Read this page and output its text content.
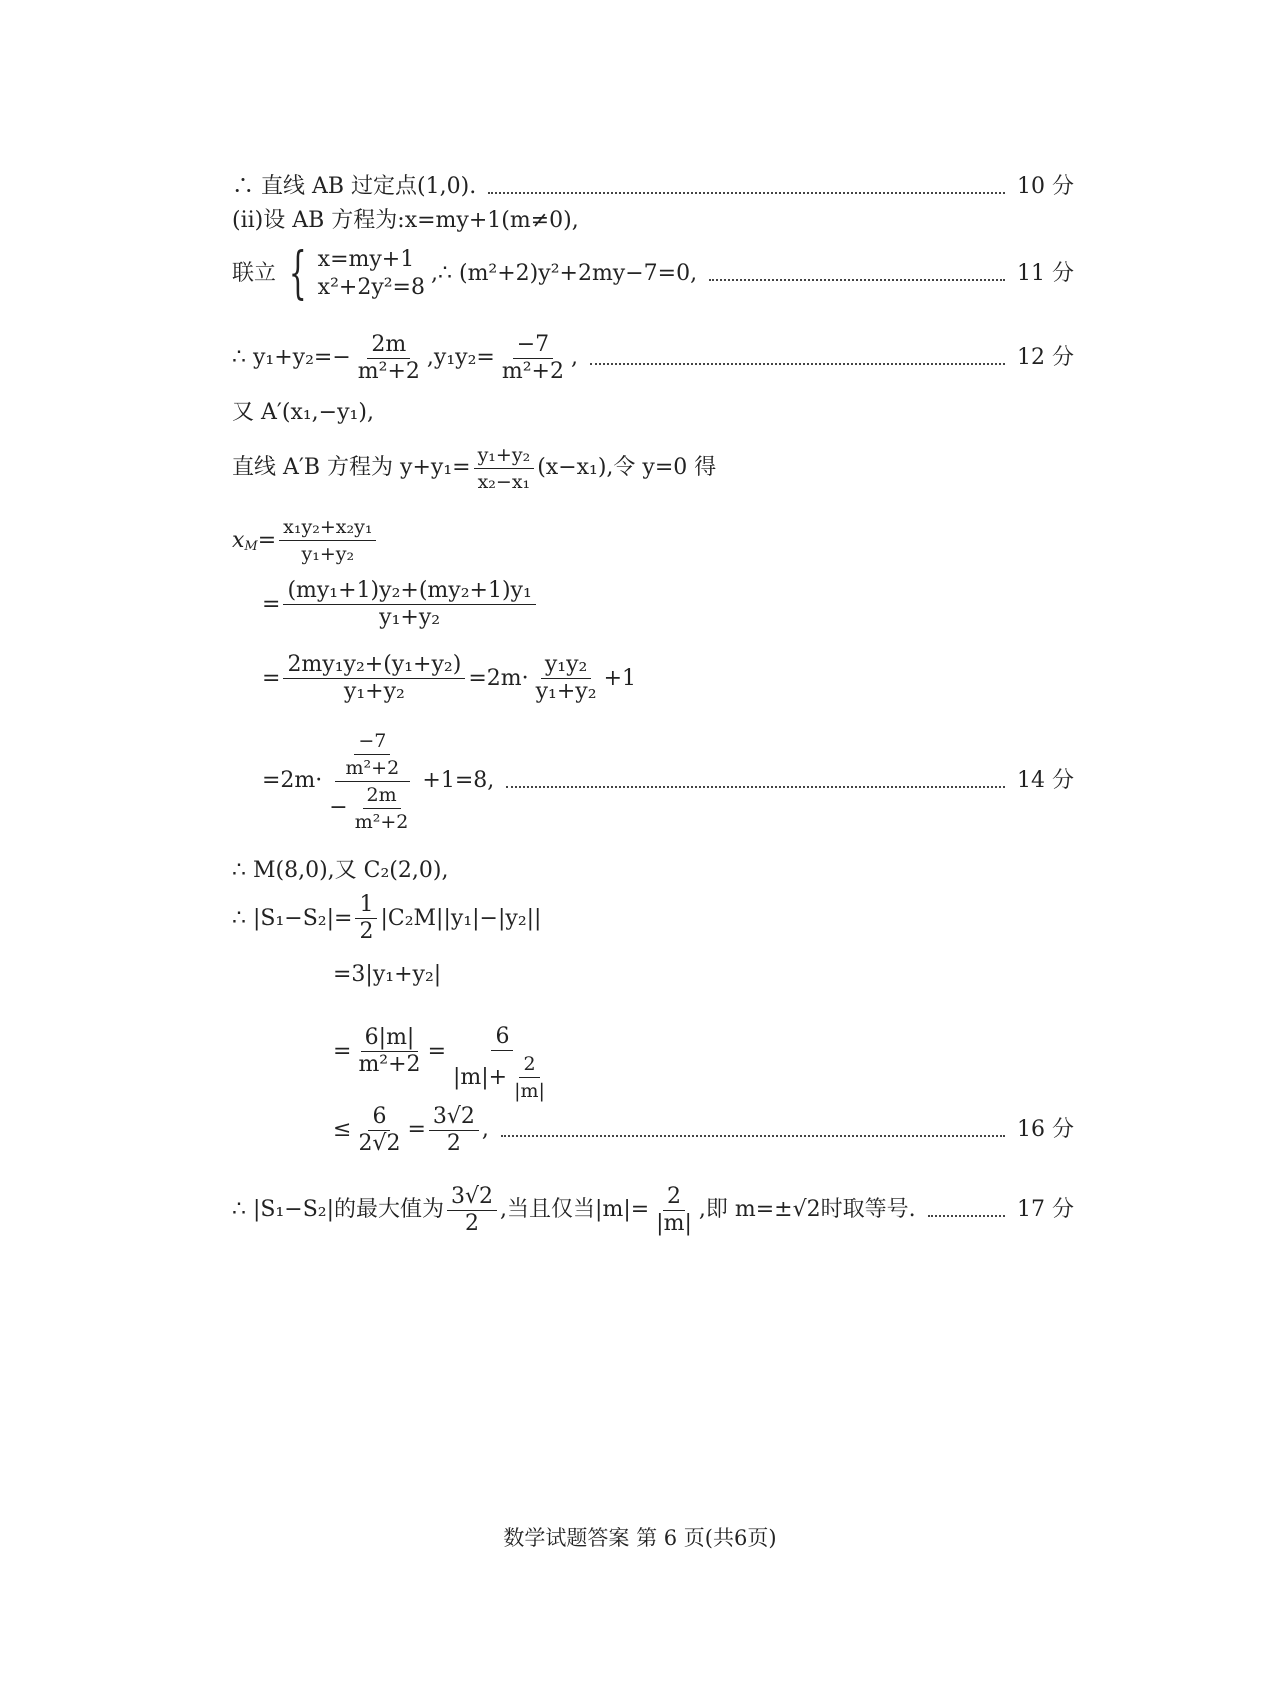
∴ 直线 AB 过定点(1,0).	10 分
(ⅱ)设 AB 方程为:x=my+1(m≠0),
联立 { x=my+1
x²+2y²=8
,∴ (m²+2)y²+2my−7=0,	11 分
∴ $y_1+y_2=- \frac{2m}{\text{m²+2}} ,y_1y_2= \frac{-7}{\text{m²+2}}$ ,	12 分
又 A′(x₁,−y₁),
直线 A′B 方程为 $y+y_1= \frac{\text{y₁+y₂}}{\text{x₂−x₁}} (x-x_1)$,令 y=0 得
$x_M = \frac{\text{x₁y₂+x₂y₁}}{\text{y₁+y₂}}$
= $\frac{\text{(my₁+1)y₂+(my₂+1)y₁}}{\text{y₁+y₂}}$
= $\frac{\text{2my₁y₂+(y₁+y₂)}}{\text{y₁+y₂}} =2m\cdot \frac{\text{y₁y₂}}{\text{y₁+y₂}} +1$
$=2m\cdot \frac{\frac{-7}{\text{m²+2}}}{- \frac{2m}{\text{m²+2}}} +1=8$,	14 分
∴ M(8,0),又 C₂(2,0),
∴ $|S_1-S_2|= \frac{1}{2} |C_2M||y_1|-|y_2||$
=3|y₁+y₂|
= $\frac{6|m|}{\text{m²+2}} = \frac{6}{|m|+ \frac{2}{|m|}}$
≤ $\frac{6}{2√2} = \frac{3√2}{2}$ ,	16 分
∴ |S₁−S₂|的最大值为 $\frac{3√2}{2}$ ,当且仅当$|m|= \frac{2}{|m|}$ ,即 m=±√2时取等号.	17 分
数学试题答案 第 6 页(共6页)
